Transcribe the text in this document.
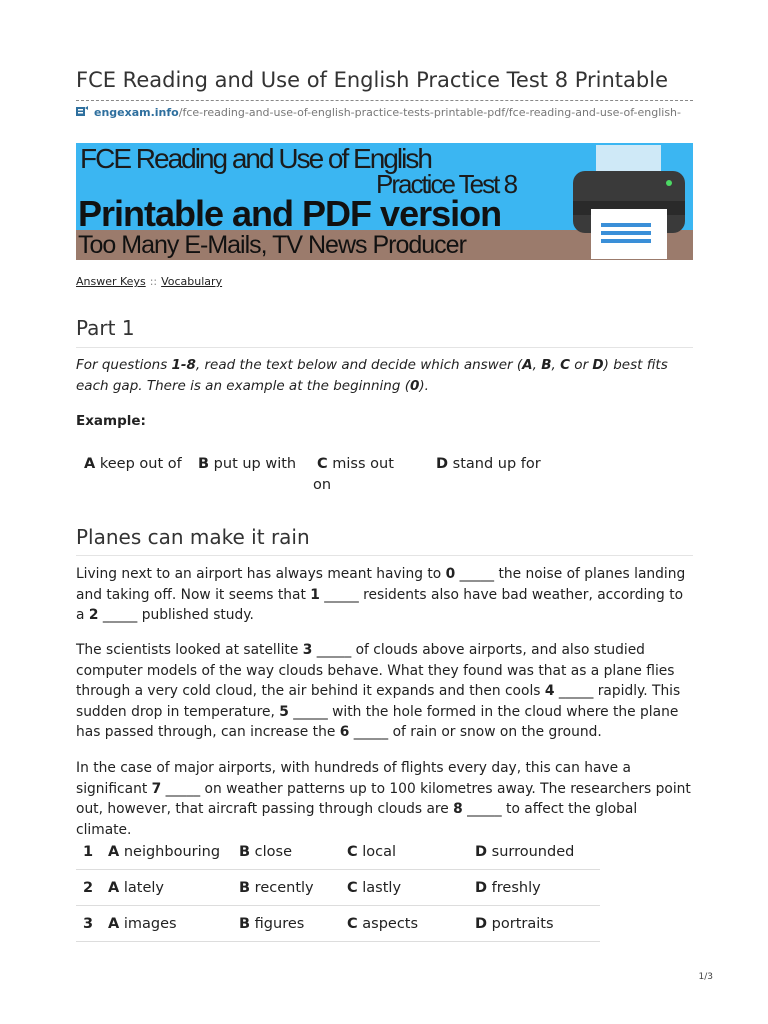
FCE Reading and Use of English Practice Test 8 Printable
engexam.info/fce-reading-and-use-of-english-practice-tests-printable-pdf/fce-reading-and-use-of-english-
FCE Reading and Use of English
Practice Test 8
Printable and PDF version
Too Many E-Mails, TV News Producer
Answer Keys :: Vocabulary
Part 1
For questions 1-8, read the text below and decide which answer (A, B, C or D) best fits each gap. There is an example at the beginning (0).
Example:
A keep out of B put up with C miss out on
D stand up for
Planes can make it rain
Living next to an airport has always meant having to 0 _____ the noise of planes landing and taking off. Now it seems that 1 _____ residents also have bad weather, according to a 2 _____ published study.
The scientists looked at satellite 3 _____ of clouds above airports, and also studied computer models of the way clouds behave. What they found was that as a plane flies through a very cold cloud, the air behind it expands and then cools 4 _____ rapidly. This sudden drop in temperature, 5 _____ with the hole formed in the cloud where the plane has passed through, can increase the 6 _____ of rain or snow on the ground.
In the case of major airports, with hundreds of flights every day, this can have a significant 7 _____ on weather patterns up to 100 kilometres away. The researchers point out, however, that aircraft passing through clouds are 8 _____ to affect the global climate.
1	A neighbouring	B close	C local	D surrounded
2	A lately	B recently	C lastly	D freshly
3	A images	B figures	C aspects	D portraits
1/3
